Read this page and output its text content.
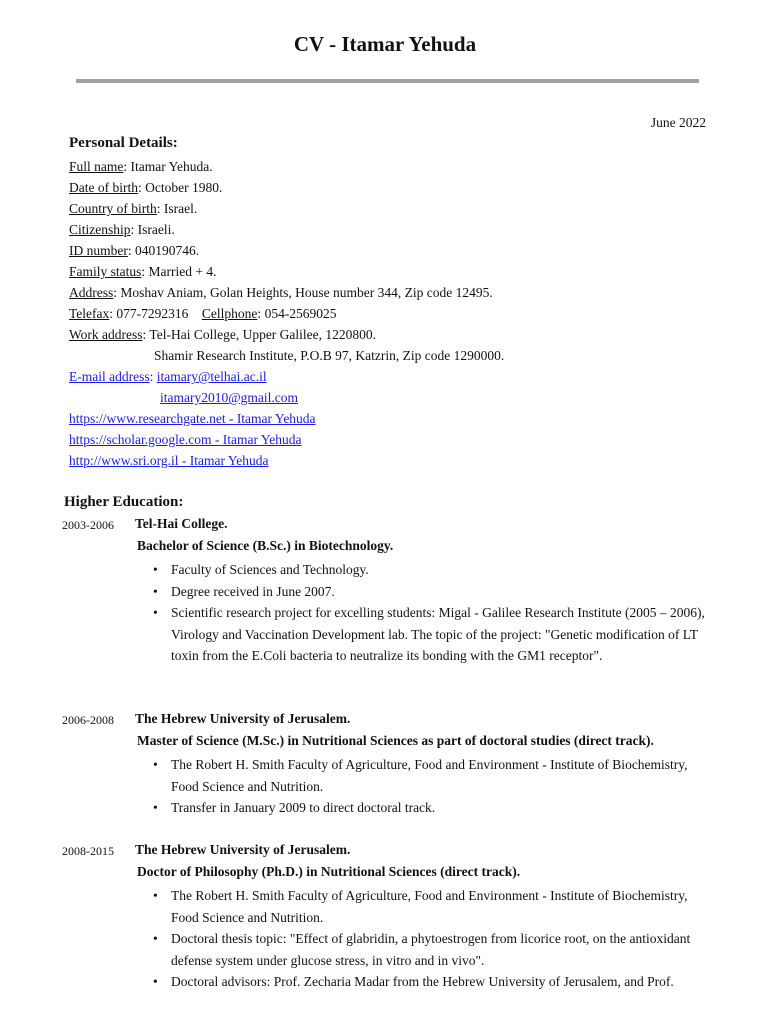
CV - Itamar Yehuda
June 2022
Personal Details:
Full name: Itamar Yehuda.
Date of birth: October 1980.
Country of birth: Israel.
Citizenship: Israeli.
ID number: 040190746.
Family status: Married + 4.
Address: Moshav Aniam, Golan Heights, House number 344, Zip code 12495.
Telefax: 077-7292316 Cellphone: 054-2569025
Work address: Tel-Hai College, Upper Galilee, 1220800.
Shamir Research Institute, P.O.B 97, Katzrin, Zip code 1290000.
E-mail address: itamary@telhai.ac.il
itamary2010@gmail.com
https://www.researchgate.net - Itamar Yehuda
https://scholar.google.com - Itamar Yehuda
http://www.sri.org.il - Itamar Yehuda
Higher Education:
2003-2006 Tel-Hai College.
Bachelor of Science (B.Sc.) in Biotechnology.
• Faculty of Sciences and Technology.
• Degree received in June 2007.
• Scientific research project for excelling students: Migal - Galilee Research Institute (2005 – 2006), Virology and Vaccination Development lab. The topic of the project: "Genetic modification of LT toxin from the E.Coli bacteria to neutralize its bonding with the GM1 receptor".
2006-2008 The Hebrew University of Jerusalem.
Master of Science (M.Sc.) in Nutritional Sciences as part of doctoral studies (direct track).
• The Robert H. Smith Faculty of Agriculture, Food and Environment - Institute of Biochemistry, Food Science and Nutrition.
• Transfer in January 2009 to direct doctoral track.
2008-2015 The Hebrew University of Jerusalem.
Doctor of Philosophy (Ph.D.) in Nutritional Sciences (direct track).
• The Robert H. Smith Faculty of Agriculture, Food and Environment - Institute of Biochemistry, Food Science and Nutrition.
• Doctoral thesis topic: "Effect of glabridin, a phytoestrogen from licorice root, on the antioxidant defense system under glucose stress, in vitro and in vivo".
• Doctoral advisors: Prof. Zecharia Madar from the Hebrew University of Jerusalem, and Prof.
